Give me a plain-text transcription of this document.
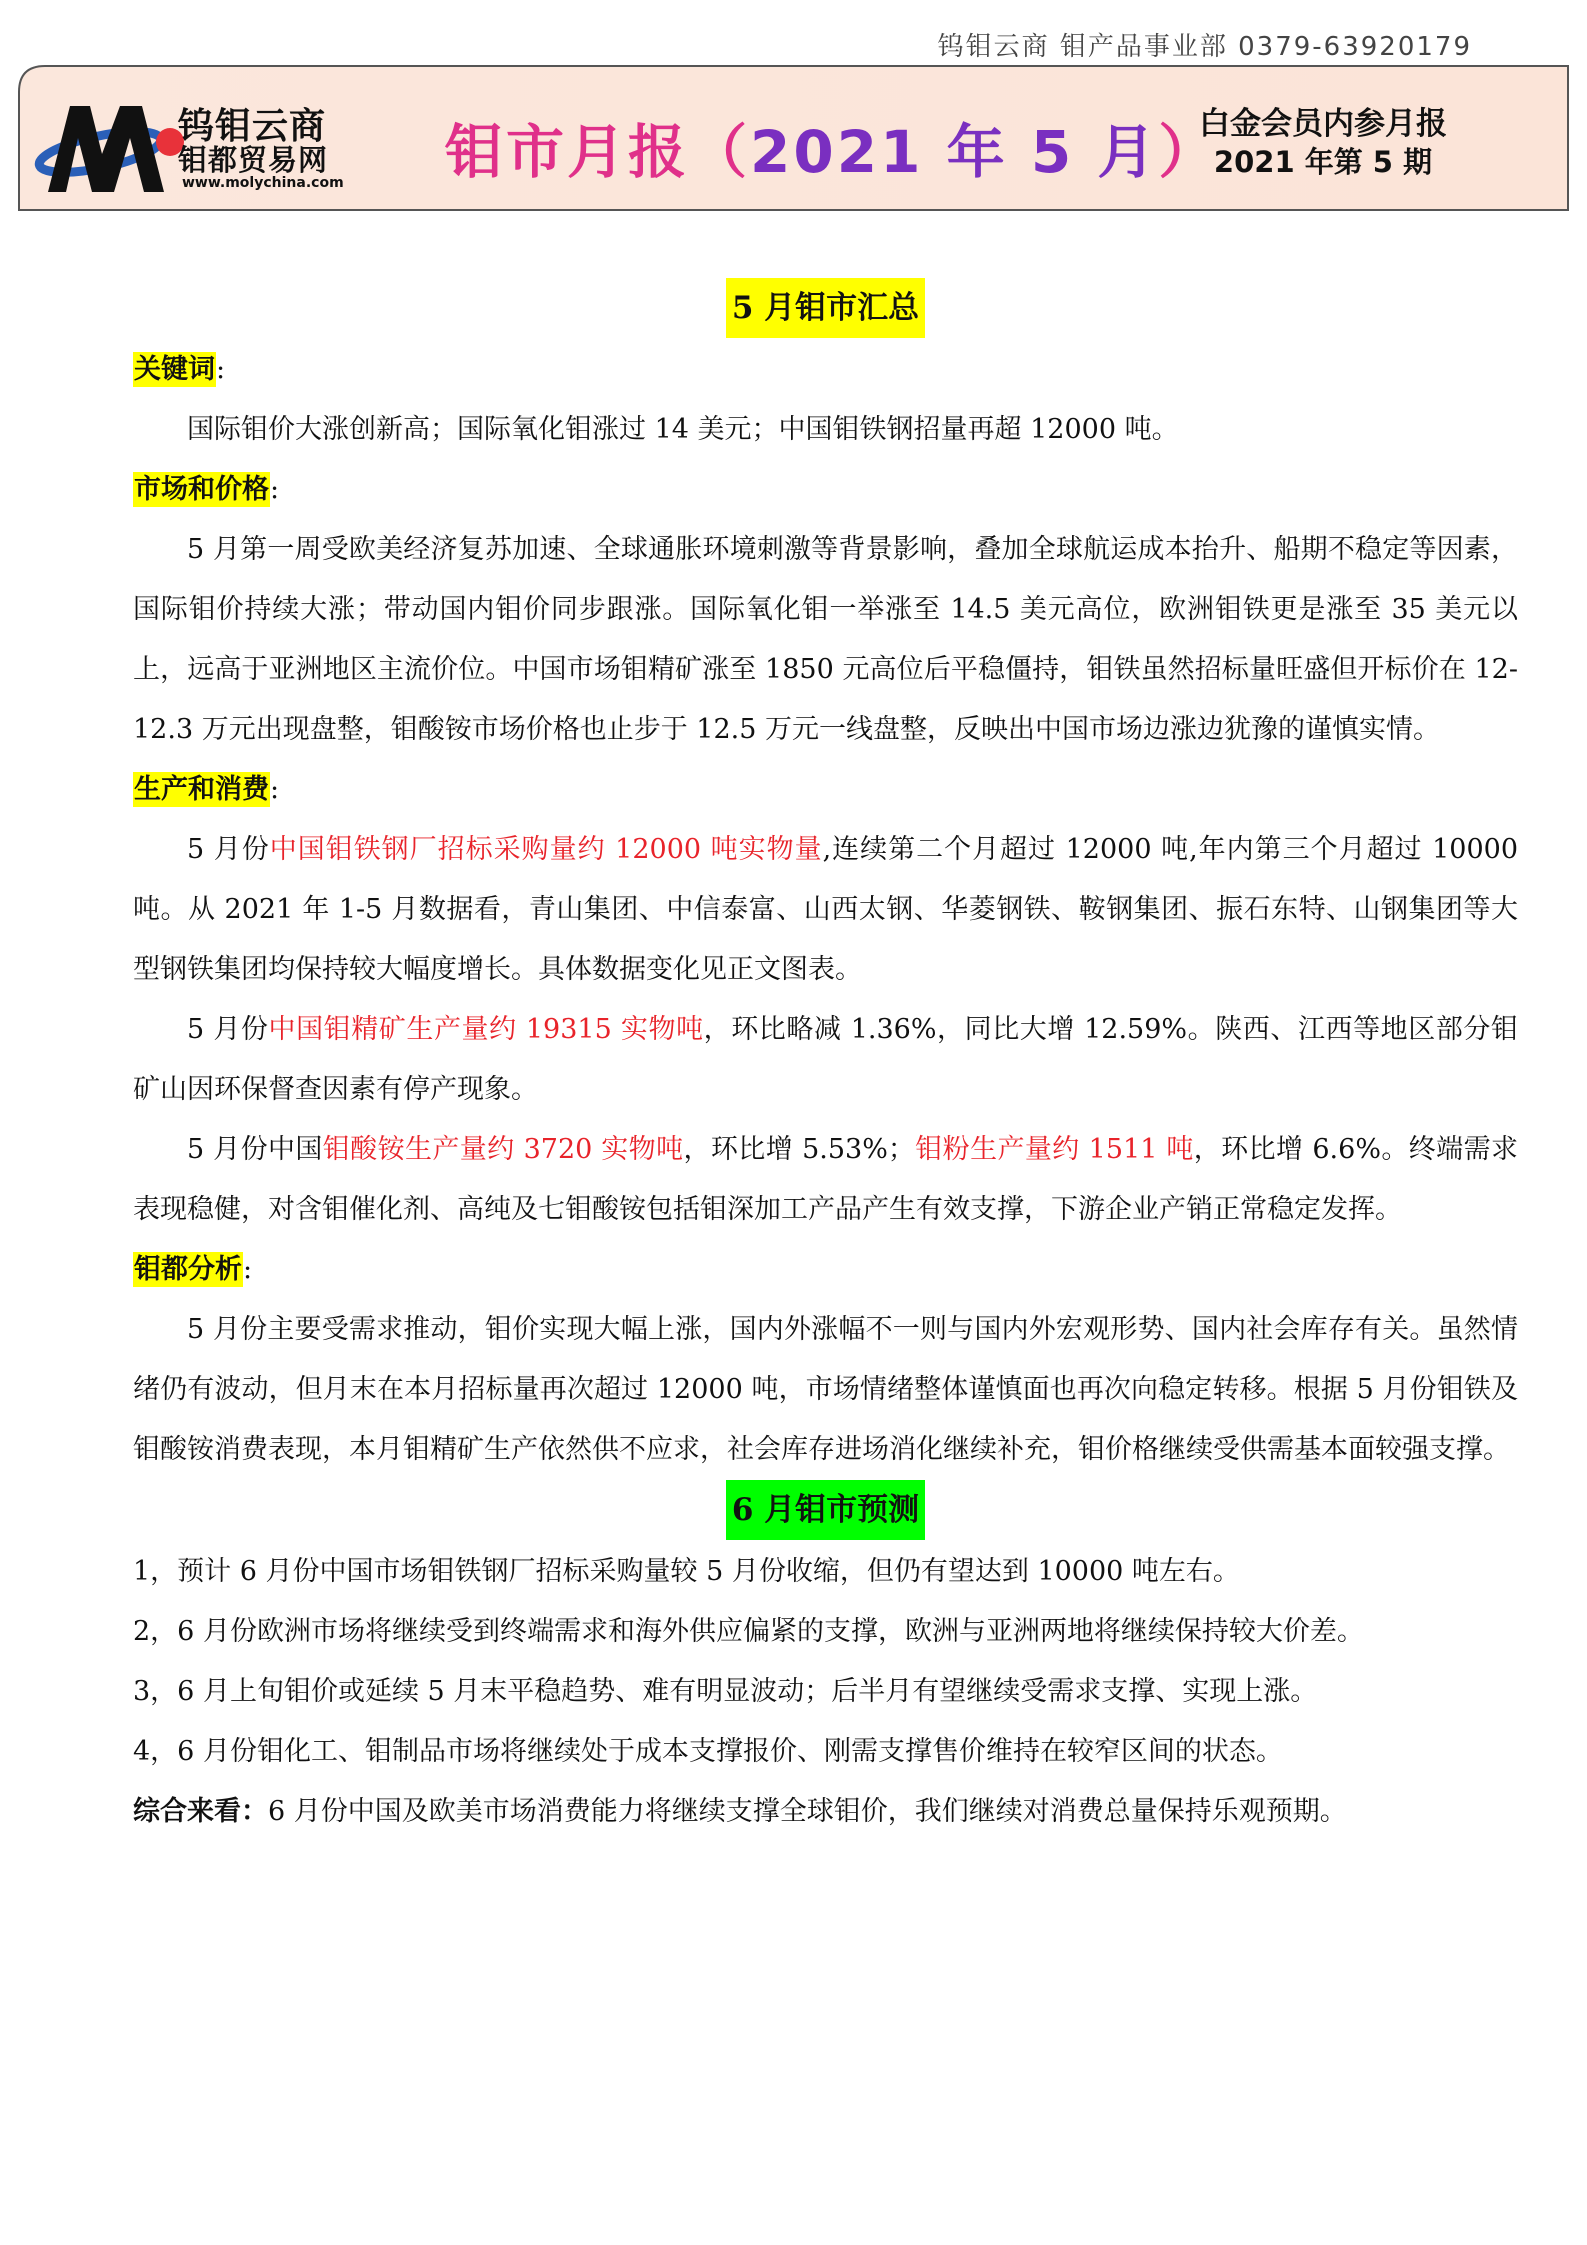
钨钼云商 钼产品事业部 0379-63920179
钨钼云商
钼都贸易网
www.molychina.com 钼市月报（2021 年 5 月）
白金会员内参月报
2021 年第 5 期
5 月钼市汇总
关键词:

国际钼价大涨创新高；国际氧化钼涨过 14 美元；中国钼铁钢招量再超 12000 吨。

市场和价格:

5 月第一周受欧美经济复苏加速、全球通胀环境刺激等背景影响，叠加全球航运成本抬升、船期不稳定等因素，国际钼价持续大涨；带动国内钼价同步跟涨。国际氧化钼一举涨至 14.5 美元高位，欧洲钼铁更是涨至 35 美元以上，远高于亚洲地区主流价位。中国市场钼精矿涨至 1850 元高位后平稳僵持，钼铁虽然招标量旺盛但开标价在 12-12.3 万元出现盘整，钼酸铵市场价格也止步于 12.5 万元一线盘整，反映出中国市场边涨边犹豫的谨慎实情。

生产和消费:

5 月份中国钼铁钢厂招标采购量约 12000 吨实物量,连续第二个月超过 12000 吨,年内第三个月超过 10000 吨。从 2021 年 1-5 月数据看，青山集团、中信泰富、山西太钢、华菱钢铁、鞍钢集团、振石东特、山钢集团等大型钢铁集团均保持较大幅度增长。具体数据变化见正文图表。

5 月份中国钼精矿生产量约 19315 实物吨，环比略减 1.36%，同比大增 12.59%。陕西、江西等地区部分钼矿山因环保督查因素有停产现象。

5 月份中国钼酸铵生产量约 3720 实物吨，环比增 5.53%；钼粉生产量约 1511 吨，环比增 6.6%。终端需求表现稳健，对含钼催化剂、高纯及七钼酸铵包括钼深加工产品产生有效支撑，下游企业产销正常稳定发挥。

钼都分析:

5 月份主要受需求推动，钼价实现大幅上涨，国内外涨幅不一则与国内外宏观形势、国内社会库存有关。虽然情绪仍有波动，但月末在本月招标量再次超过 12000 吨，市场情绪整体谨慎面也再次向稳定转移。根据 5 月份钼铁及钼酸铵消费表现，本月钼精矿生产依然供不应求，社会库存进场消化继续补充，钼价格继续受供需基本面较强支撑。

6 月钼市预测

1，预计 6 月份中国市场钼铁钢厂招标采购量较 5 月份收缩，但仍有望达到 10000 吨左右。

2，6 月份欧洲市场将继续受到终端需求和海外供应偏紧的支撑，欧洲与亚洲两地将继续保持较大价差。

3，6 月上旬钼价或延续 5 月末平稳趋势、难有明显波动；后半月有望继续受需求支撑、实现上涨。

4，6 月份钼化工、钼制品市场将继续处于成本支撑报价、刚需支撑售价维持在较窄区间的状态。

综合来看：6 月份中国及欧美市场消费能力将继续支撑全球钼价，我们继续对消费总量保持乐观预期。
